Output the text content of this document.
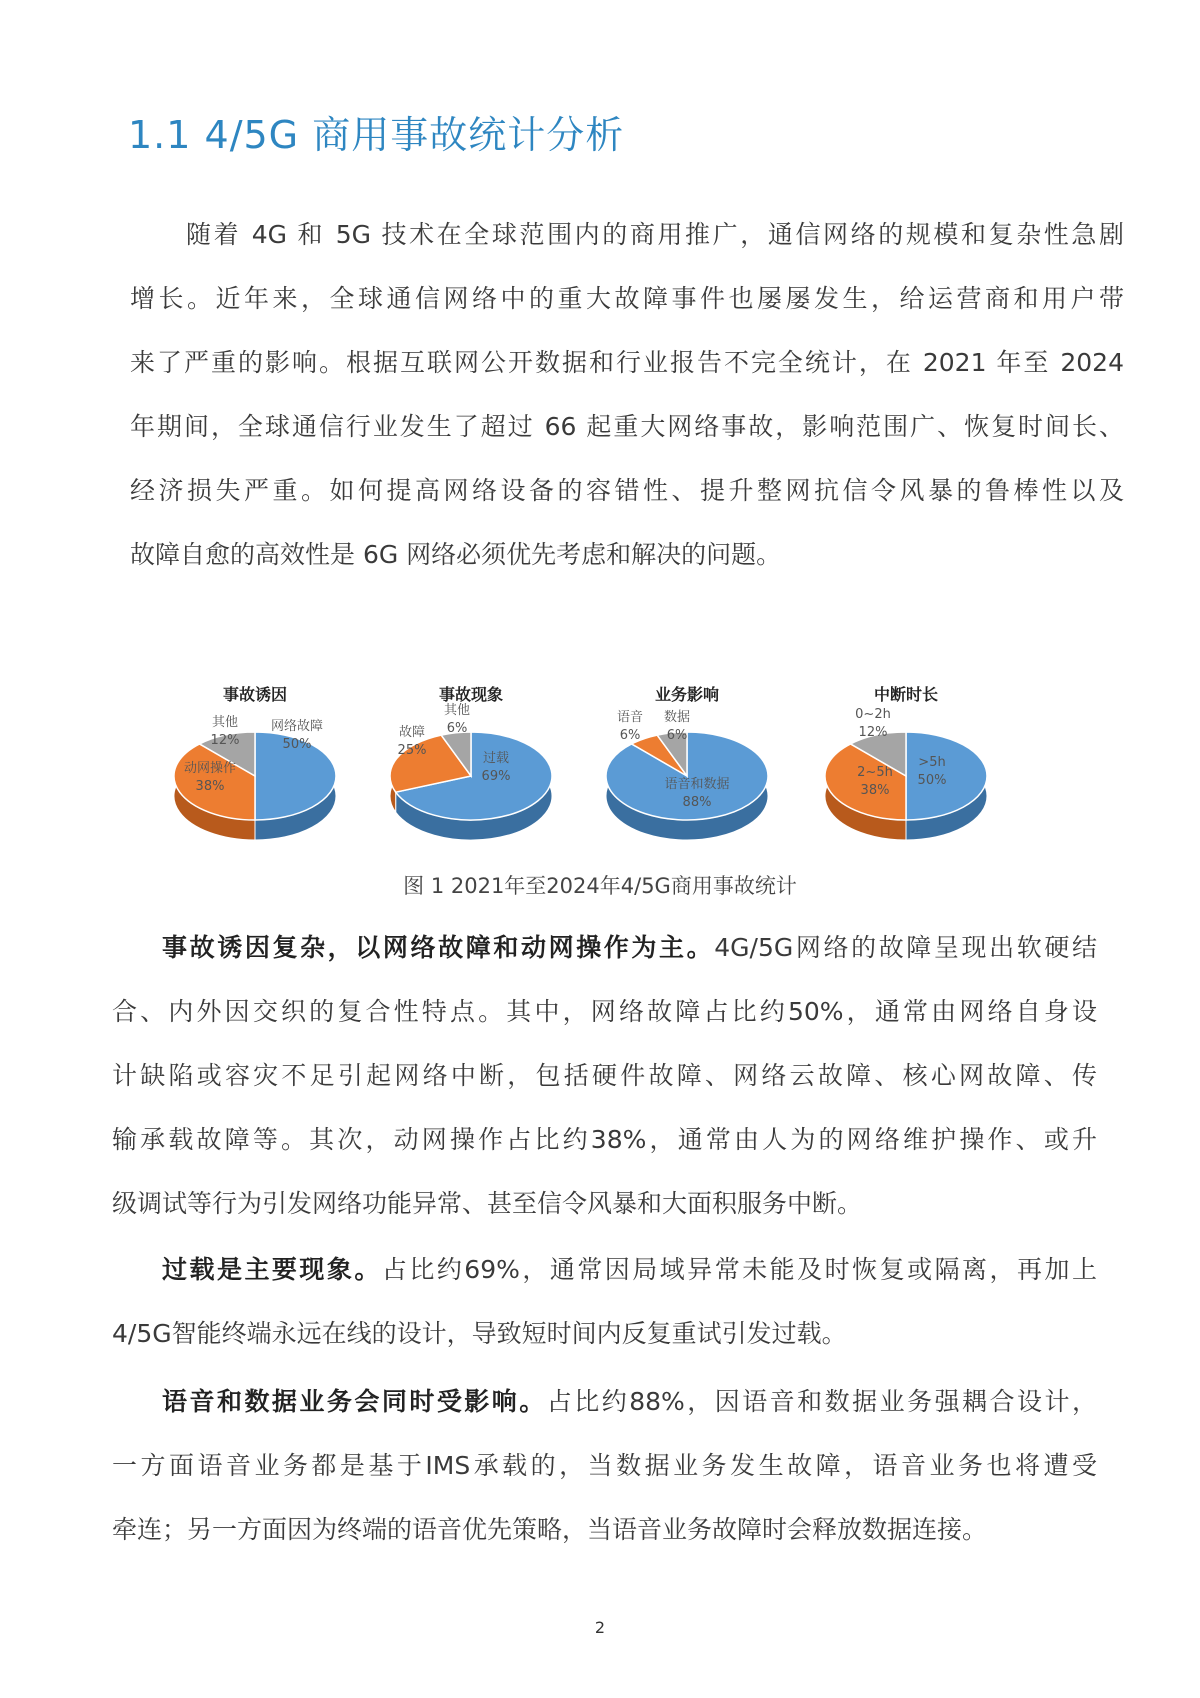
1.1 4/5G 商用事故统计分析
随着 4G 和 5G 技术在全球范围内的商用推广，通信网络的规模和复杂性急剧
增长。近年来，全球通信网络中的重大故障事件也屡屡发生，给运营商和用户带
来了严重的影响。根据互联网公开数据和行业报告不完全统计，在 2021 年至 2024
年期间，全球通信行业发生了超过 66 起重大网络事故，影响范围广、恢复时间长、
经济损失严重。如何提高网络设备的容错性、提升整网抗信令风暴的鲁棒性以及
故障自愈的高效性是 6G 网络必须优先考虑和解决的问题。
事故诱因
网络故障
50%
动网操作
38%
其他
12%
事故现象
过载
69%
故障
25%
其他
6%
业务影响
语音和数据
88%
语音
6%
数据
6%
中断时长
>5h
50%
2~5h
38%
0~2h
12%
图 1 2021年至2024年4/5G商用事故统计
事故诱因复杂，以网络故障和动网操作为主。4G/5G网络的故障呈现出软硬结
合、内外因交织的复合性特点。其中，网络故障占比约50%，通常由网络自身设
计缺陷或容灾不足引起网络中断，包括硬件故障、网络云故障、核心网故障、传
输承载故障等。其次，动网操作占比约38%，通常由人为的网络维护操作、或升
级调试等行为引发网络功能异常、甚至信令风暴和大面积服务中断。
过载是主要现象。占比约69%，通常因局域异常未能及时恢复或隔离，再加上
4/5G智能终端永远在线的设计，导致短时间内反复重试引发过载。
语音和数据业务会同时受影响。占比约88%，因语音和数据业务强耦合设计，
一方面语音业务都是基于IMS承载的，当数据业务发生故障，语音业务也将遭受
牵连；另一方面因为终端的语音优先策略，当语音业务故障时会释放数据连接。
2
